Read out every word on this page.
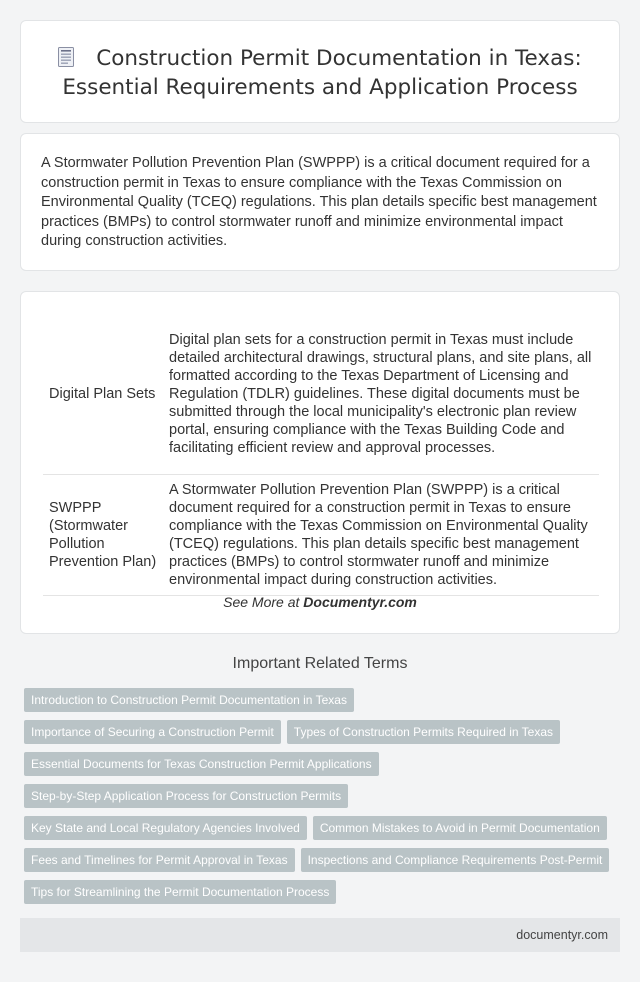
Construction Permit Documentation in Texas: Essential Requirements and Application Process

A Stormwater Pollution Prevention Plan (SWPPP) is a critical document required for a construction permit in Texas to ensure compliance with the Texas Commission on Environmental Quality (TCEQ) regulations. This plan details specific best management practices (BMPs) to control stormwater runoff and minimize environmental impact during construction activities.

Digital Plan Sets	Digital plan sets for a construction permit in Texas must include detailed architectural drawings, structural plans, and site plans, all formatted according to the Texas Department of Licensing and Regulation (TDLR) guidelines. These digital documents must be submitted through the local municipality's electronic plan review portal, ensuring compliance with the Texas Building Code and facilitating efficient review and approval processes.
SWPPP (Stormwater Pollution Prevention Plan)	A Stormwater Pollution Prevention Plan (SWPPP) is a critical document required for a construction permit in Texas to ensure compliance with the Texas Commission on Environmental Quality (TCEQ) regulations. This plan details specific best management practices (BMPs) to control stormwater runoff and minimize environmental impact during construction activities.
See More at Documentyr.com
Important Related Terms
Introduction to Construction Permit Documentation in Texas
Importance of Securing a Construction Permit Types of Construction Permits Required in Texas
Essential Documents for Texas Construction Permit Applications
Step-by-Step Application Process for Construction Permits
Key State and Local Regulatory Agencies Involved Common Mistakes to Avoid in Permit Documentation
Fees and Timelines for Permit Approval in Texas Inspections and Compliance Requirements Post-Permit
Tips for Streamlining the Permit Documentation Process
documentyr.com
